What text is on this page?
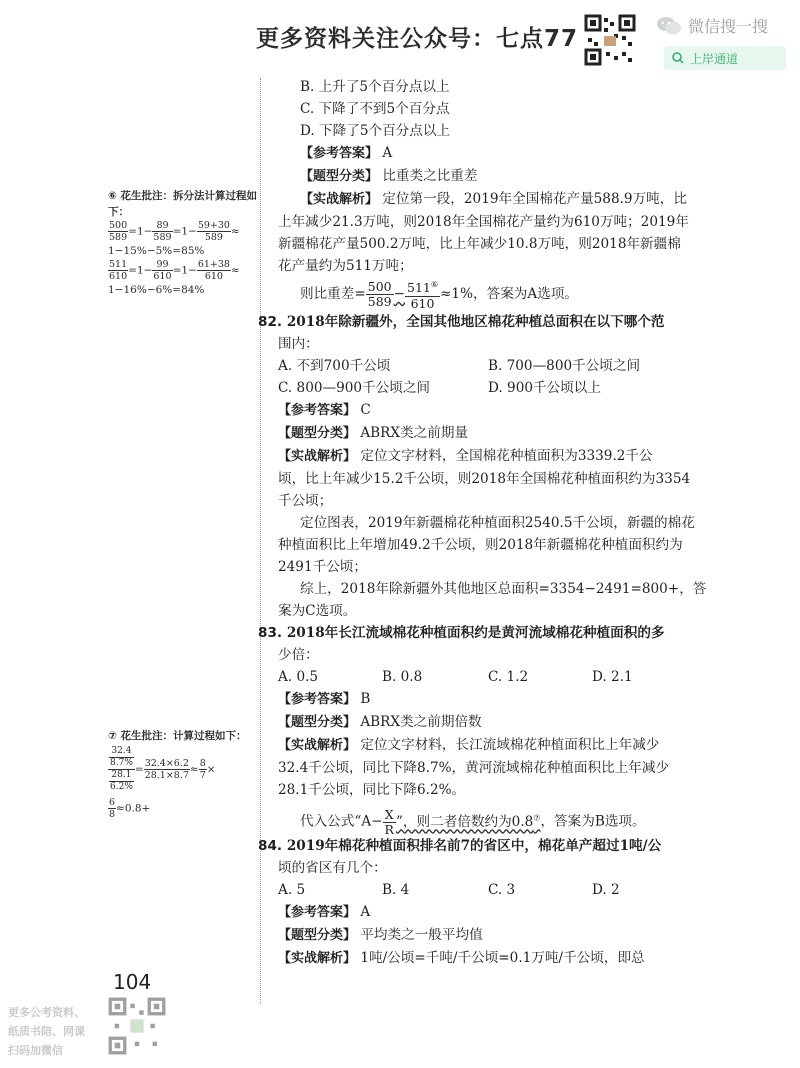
更多资料关注公众号：七点77	微信搜一搜
上岸通道
⑥ 花生批注：拆分法计算过程如下：
$\frac{500}{589} =1- \frac{89}{589} =1- \frac{59+30}{589}$ ≈
1−15%−5%=85%
$\frac{511}{610} =1- \frac{99}{610} =1- \frac{61+38}{610}$ ≈
1−16%−6%=84%
⑦ 花生批注：计算过程如下：
$\frac{\frac{32.4}{8.7\%}}{\frac{28.1}{6.2\%}} = \frac{32.4\times 6.2}{28.1\times 8.7} \approx \frac{8}{7}$ ×
$\frac{6}{8} \approx 0.8+$
B. 上升了5个百分点以上
C. 下降了不到5个百分点
D. 下降了5个百分点以上
【参考答案】 A
【题型分类】 比重类之比重差
【实战解析】 定位第一段，2019年全国棉花产量588.9万吨，比
上年减少21.3万吨，则2018年全国棉花产量约为610万吨；2019年
新疆棉花产量500.2万吨，比上年减少10.8万吨，则2018年新疆棉
花产量约为511万吨；
则比重差= $\frac{500}{589} - \frac{511^⑥}{610} \approx 1\%$，答案为A选项。
82. 2018年除新疆外，全国其他地区棉花种植总面积在以下哪个范
围内：
A. 不到700千公顷	B. 700—800千公顷之间
C. 800—900千公顷之间	D. 900千公顷以上
【参考答案】 C
【题型分类】 ABRX类之前期量
【实战解析】 定位文字材料，全国棉花种植面积为3339.2千公
顷，比上年减少15.2千公顷，则2018年全国棉花种植面积约为3354
千公顷；
定位图表，2019年新疆棉花种植面积2540.5千公顷，新疆的棉花
种植面积比上年增加49.2千公顷，则2018年新疆棉花种植面积约为
2491千公顷；
综上，2018年除新疆外其他地区总面积=3354−2491=800+，答
案为C选项。
83. 2018年长江流域棉花种植面积约是黄河流域棉花种植面积的多
少倍：
A. 0.5	B. 0.8	C. 1.2	D. 2.1
【参考答案】 B
【题型分类】 ABRX类之前期倍数
【实战解析】 定位文字材料，长江流域棉花种植面积比上年减少
32.4千公顷，同比下降8.7%，黄河流域棉花种植面积比上年减少
28.1千公顷，同比下降6.2%。
代入公式“$A- \frac{X}{R}$ ”，则二者倍数约为0.8⑦，答案为B选项。
84. 2019年棉花种植面积排名前7的省区中，棉花单产超过1吨/公
顷的省区有几个：
A. 5	B. 4	C. 3	D. 2
【参考答案】 A
【题型分类】 平均类之一般平均值
【实战解析】 1吨/公顷=千吨/千公顷=0.1万吨/千公顷，即总
104
更多公考资料、
纸质书陪、网课
扫码加微信
